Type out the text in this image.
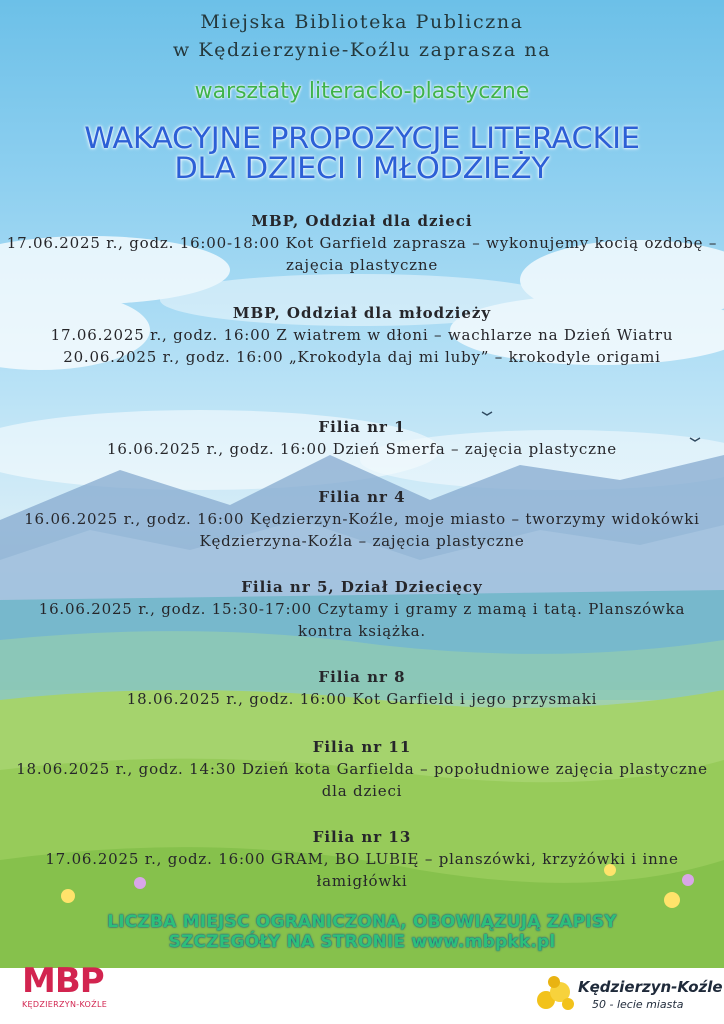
Miejska Biblioteka Publiczna
w Kędzierzynie-Koźlu zaprasza na
warsztaty literacko-plastyczne
WAKACYJNE PROPOZYCJE LITERACKIE
DLA DZIECI I MŁODZIEŻY
MBP, Oddział dla dzieci
17.06.2025 r., godz. 16:00-18:00 Kot Garfield zaprasza – wykonujemy kocią ozdobę – zajęcia plastyczne
MBP, Oddział dla młodzieży
17.06.2025 r., godz. 16:00 Z wiatrem w dłoni – wachlarze na Dzień Wiatru
20.06.2025 r., godz. 16:00 „Krokodyla daj mi luby” – krokodyle origami
Filia nr 1
16.06.2025 r., godz. 16:00 Dzień Smerfa – zajęcia plastyczne
Filia nr 4
16.06.2025 r., godz. 16:00 Kędzierzyn-Koźle, moje miasto – tworzymy widokówki Kędzierzyna-Koźla – zajęcia plastyczne
Filia nr 5, Dział Dziecięcy
16.06.2025 r., godz. 15:30-17:00 Czytamy i gramy z mamą i tatą. Planszówka kontra książka.
Filia nr 8
18.06.2025 r., godz. 16:00 Kot Garfield i jego przysmaki
Filia nr 11
18.06.2025 r., godz. 14:30 Dzień kota Garfielda – popołudniowe zajęcia plastyczne dla dzieci
Filia nr 13
17.06.2025 r., godz. 16:00 GRAM, BO LUBIĘ – planszówki, krzyżówki i inne łamigłówki
LICZBA MIEJSC OGRANICZONA, OBOWIĄZUJĄ ZAPISY
SZCZEGÓŁY NA STRONIE www.mbpkk.pl
MBP
KĘDZIERZYN-KOŹLE
Kędzierzyn-Koźle
50 - lecie miasta
